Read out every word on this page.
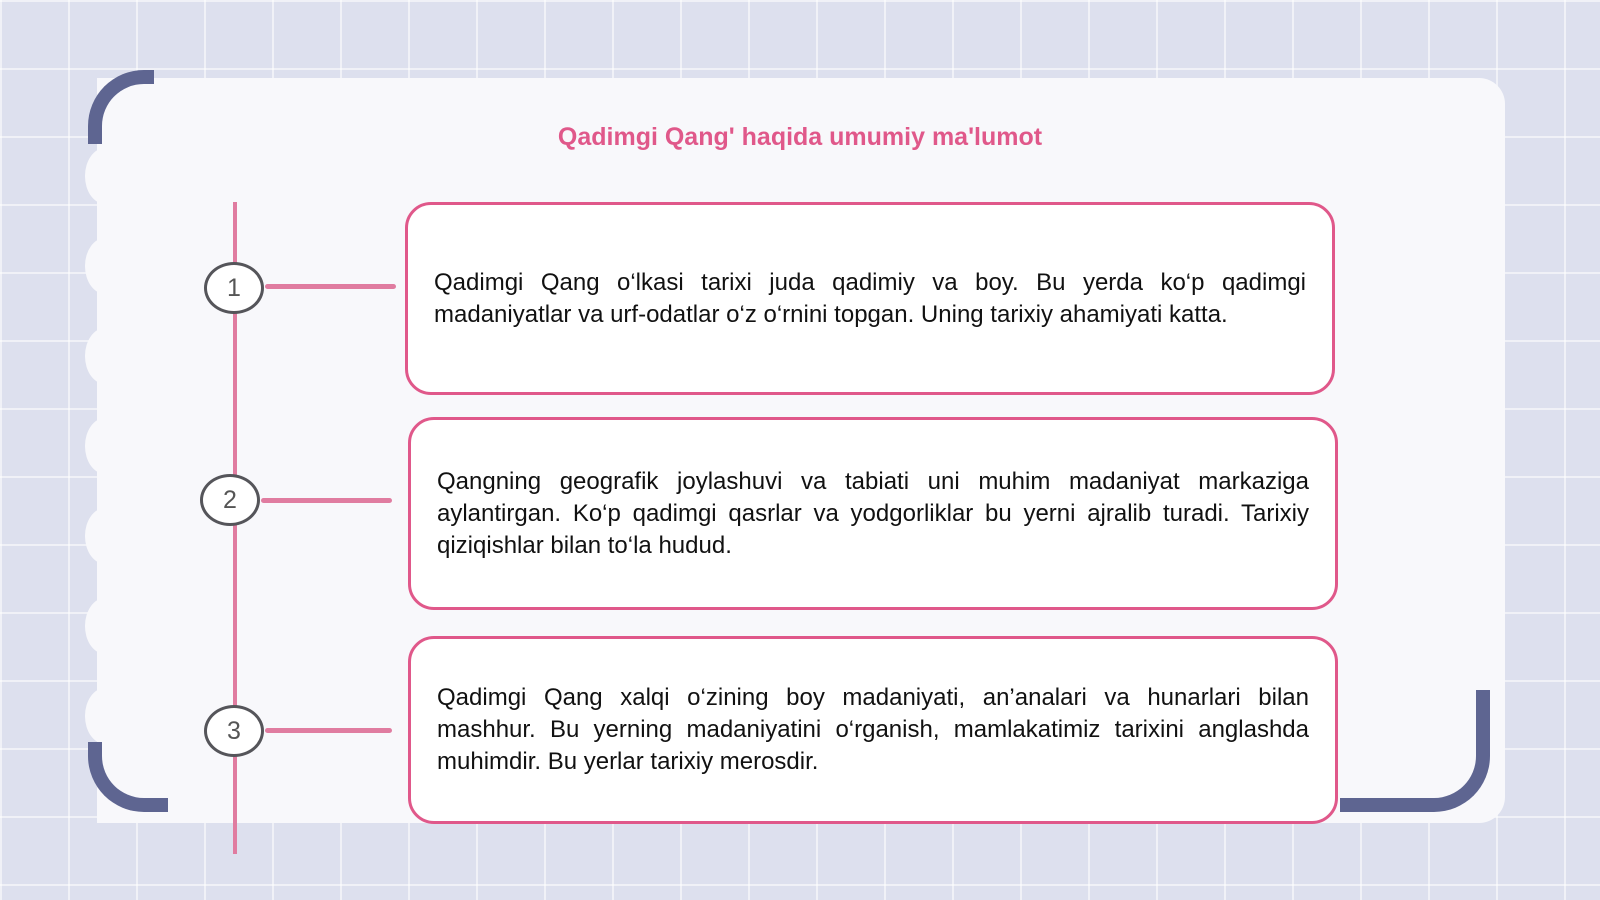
Qadimgi Qang' haqida umumiy ma'lumot
1	Qadimgi Qang o‘lkasi tarixi juda qadimiy va boy. Bu yerda ko‘p qadimgi madaniyatlar va urf-odatlar o‘z o‘rnini topgan. Uning tarixiy ahamiyati katta.

2

Qangning geografik joylashuvi va tabiati uni muhim madaniyat markaziga aylantirgan. Ko‘p qadimgi qasrlar va yodgorliklar bu yerni ajralib turadi. Tarixiy qiziqishlar bilan to‘la hudud.

3

Qadimgi Qang xalqi o‘zining boy madaniyati, an’analari va hunarlari bilan mashhur. Bu yerning madaniyatini o‘rganish, mamlakatimiz tarixini anglashda muhimdir. Bu yerlar tarixiy merosdir.
